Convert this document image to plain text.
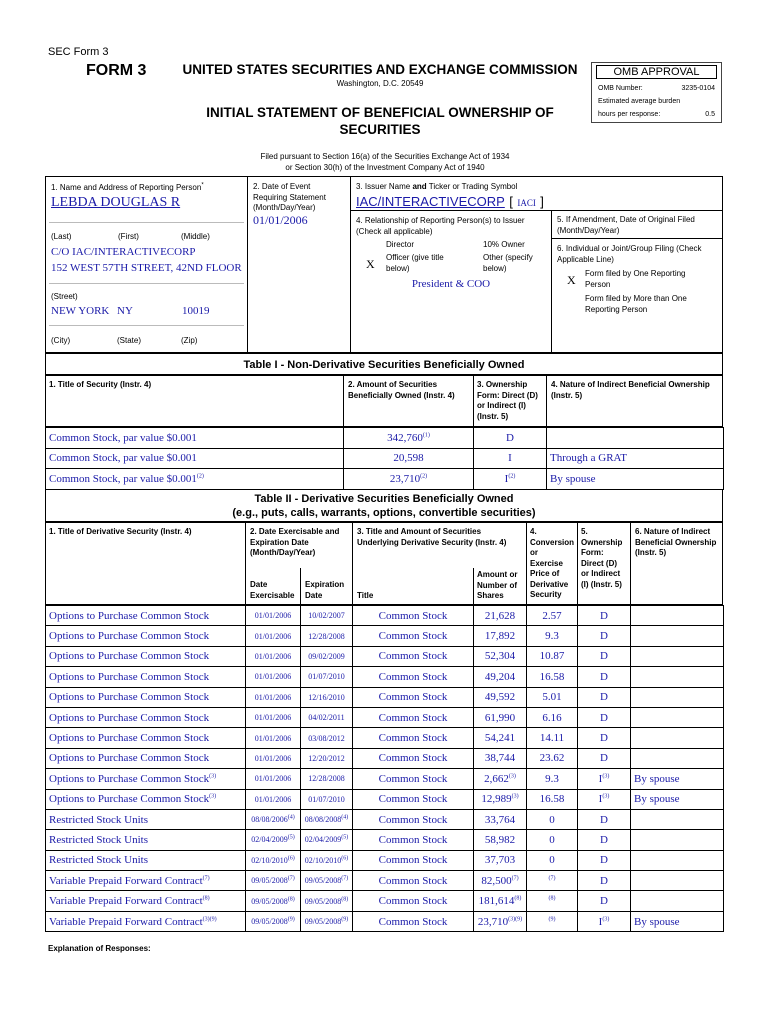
SEC Form 3
FORM 3	UNITED STATES SECURITIES AND EXCHANGE COMMISSION
Washington, D.C. 20549
INITIAL STATEMENT OF BENEFICIAL OWNERSHIP OF
SECURITIES
Filed pursuant to Section 16(a) of the Securities Exchange Act of 1934
or Section 30(h) of the Investment Company Act of 1940
OMB APPROVAL
OMB Number:	3235-0104
Estimated average burden
hours per response:	0.5
1. Name and Address of Reporting Person*
LEBDA DOUGLAS R
(Last)	(First)	(Middle)
C/O IAC/INTERACTIVECORP
152 WEST 57TH STREET, 42ND FLOOR
(Street)
NEW YORK NY	10019
(City)	(State)	(Zip)
2. Date of Event
Requiring Statement
(Month/Day/Year)
01/01/2006
3. Issuer Name and Ticker or Trading Symbol
IAC/INTERACTIVECORP [ IACI ]
4. Relationship of Reporting Person(s) to Issuer
(Check all applicable)
Director	10% Owner
X Officer (give title
below)
Other (specify
below)
President & COO
5. If Amendment, Date of Original Filed
(Month/Day/Year)
6. Individual or Joint/Group Filing (Check
Applicable Line)
X Form filed by One Reporting
Person
Form filed by More than One
Reporting Person
Table I - Non-Derivative Securities Beneficially Owned
1. Title of Security (Instr. 4)	2. Amount of Securities
Beneficially Owned (Instr. 4)
3. Ownership
Form: Direct (D)
or Indirect (I)
(Instr. 5)
4. Nature of Indirect Beneficial Ownership
(Instr. 5)
Common Stock, par value $0.001	342,760$^{(1)}$	D	
Common Stock, par value $0.001	20,598	I	Through a GRAT
Common Stock, par value $0.001$^{(2)}$	23,710$^{(2)}$	$I^{(2)}$	By spouse
Table II - Derivative Securities Beneficially Owned
(e.g., puts, calls, warrants, options, convertible securities)
1. Title of Derivative Security (Instr. 4)	2. Date Exercisable and
Expiration Date
(Month/Day/Year)
Date
Exercisable
Expiration
Date
3. Title and Amount of Securities
Underlying Derivative Security (Instr. 4)
Title
Amount or
Number of
Shares
4.
Conversion
or
Exercise
Price of
Derivative
Security
5.
Ownership
Form:
Direct (D)
or Indirect
(I) (Instr. 5)
6. Nature of Indirect
Beneficial Ownership
(Instr. 5)
Options to Purchase Common Stock	01/01/2006	10/02/2007	Common Stock	21,628	2.57	D	
Options to Purchase Common Stock	01/01/2006	12/28/2008	Common Stock	17,892	9.3	D	
Options to Purchase Common Stock	01/01/2006	09/02/2009	Common Stock	52,304	10.87	D	
Options to Purchase Common Stock	01/01/2006	01/07/2010	Common Stock	49,204	16.58	D	
Options to Purchase Common Stock	01/01/2006	12/16/2010	Common Stock	49,592	5.01	D	
Options to Purchase Common Stock	01/01/2006	04/02/2011	Common Stock	61,990	6.16	D	
Options to Purchase Common Stock	01/01/2006	03/08/2012	Common Stock	54,241	14.11	D	
Options to Purchase Common Stock	01/01/2006	12/20/2012	Common Stock	38,744	23.62	D	
Options to Purchase Common Stock$^{(3)}$	01/01/2006	12/28/2008	Common Stock	2,662$^{(3)}$	9.3	$I^{(3)}$	By spouse
Options to Purchase Common Stock$^{(3)}$	01/01/2006	01/07/2010	Common Stock	12,989$^{(3)}$	16.58	$I^{(3)}$	By spouse
Restricted Stock Units	08/08/2006$^{(4)}$	08/08/2008$^{(4)}$	Common Stock	33,764	0	D	
Restricted Stock Units	02/04/2009$^{(5)}$	02/04/2009$^{(5)}$	Common Stock	58,982	0	D	
Restricted Stock Units	02/10/2010$^{(6)}$	02/10/2010$^{(6)}$	Common Stock	37,703	0	D	
Variable Prepaid Forward Contract$^{(7)}$	09/05/2008$^{(7)}$	09/05/2008$^{(7)}$	Common Stock	82,500$^{(7)}$	$^{(7)}$	D	
Variable Prepaid Forward Contract$^{(8)}$	09/05/2008$^{(8)}$	09/05/2008$^{(8)}$	Common Stock	181,614$^{(8)}$	$^{(8)}$	D	
Variable Prepaid Forward Contract$^{(3)(9)}$	09/05/2008$^{(9)}$	09/05/2008$^{(9)}$	Common Stock	$23,710^{(3)(9)}$	$^{(9)}$	$I^{(3)}$	By spouse
Explanation of Responses:
